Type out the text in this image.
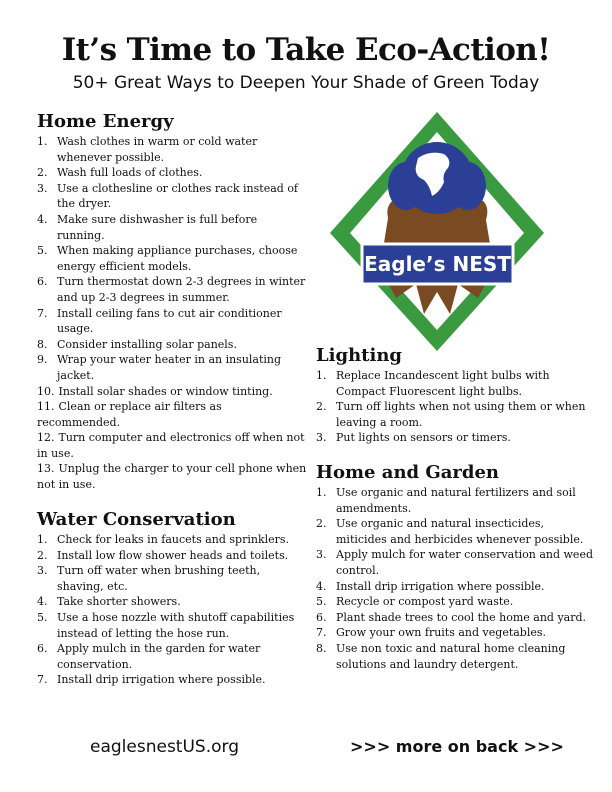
It’s Time to Take Eco-Action!
50+ Great Ways to Deepen Your Shade of Green Today
Home Energy
1. Wash clothes in warm or cold water whenever possible.
2. Wash full loads of clothes.
3. Use a clothesline or clothes rack instead of the dryer.
4. Make sure dishwasher is full before running.
5. When making appliance purchases, choose energy efficient models.
6. Turn thermostat down 2-3 degrees in winter and up 2-3 degrees in summer.
7. Install ceiling fans to cut air conditioner usage.
8. Consider installing solar panels.
9. Wrap your water heater in an insulating jacket.
10. Install solar shades or window tinting.
11. Clean or replace air filters as recommended.
12. Turn computer and electronics off when not in use.
13. Unplug the charger to your cell phone when not in use.
Water Conservation
1. Check for leaks in faucets and sprinklers.
2. Install low flow shower heads and toilets.
3. Turn off water when brushing teeth, shaving, etc.
4. Take shorter showers.
5. Use a hose nozzle with shutoff capabilities instead of letting the hose run.
6. Apply mulch in the garden for water conservation.
7. Install drip irrigation where possible.
Eagle’s NEST
Lighting
1. Replace Incandescent light bulbs with Compact Fluorescent light bulbs.
2. Turn off lights when not using them or when leaving a room.
3. Put lights on sensors or timers.
Home and Garden
1. Use organic and natural fertilizers and soil amendments.
2. Use organic and natural insecticides, miticides and herbicides whenever possible.
3. Apply mulch for water conservation and weed control.
4. Install drip irrigation where possible.
5. Recycle or compost yard waste.
6. Plant shade trees to cool the home and yard.
7. Grow your own fruits and vegetables.
8. Use non toxic and natural home cleaning solutions and laundry detergent.
eaglesnestUS.org	>>> more on back >>>
